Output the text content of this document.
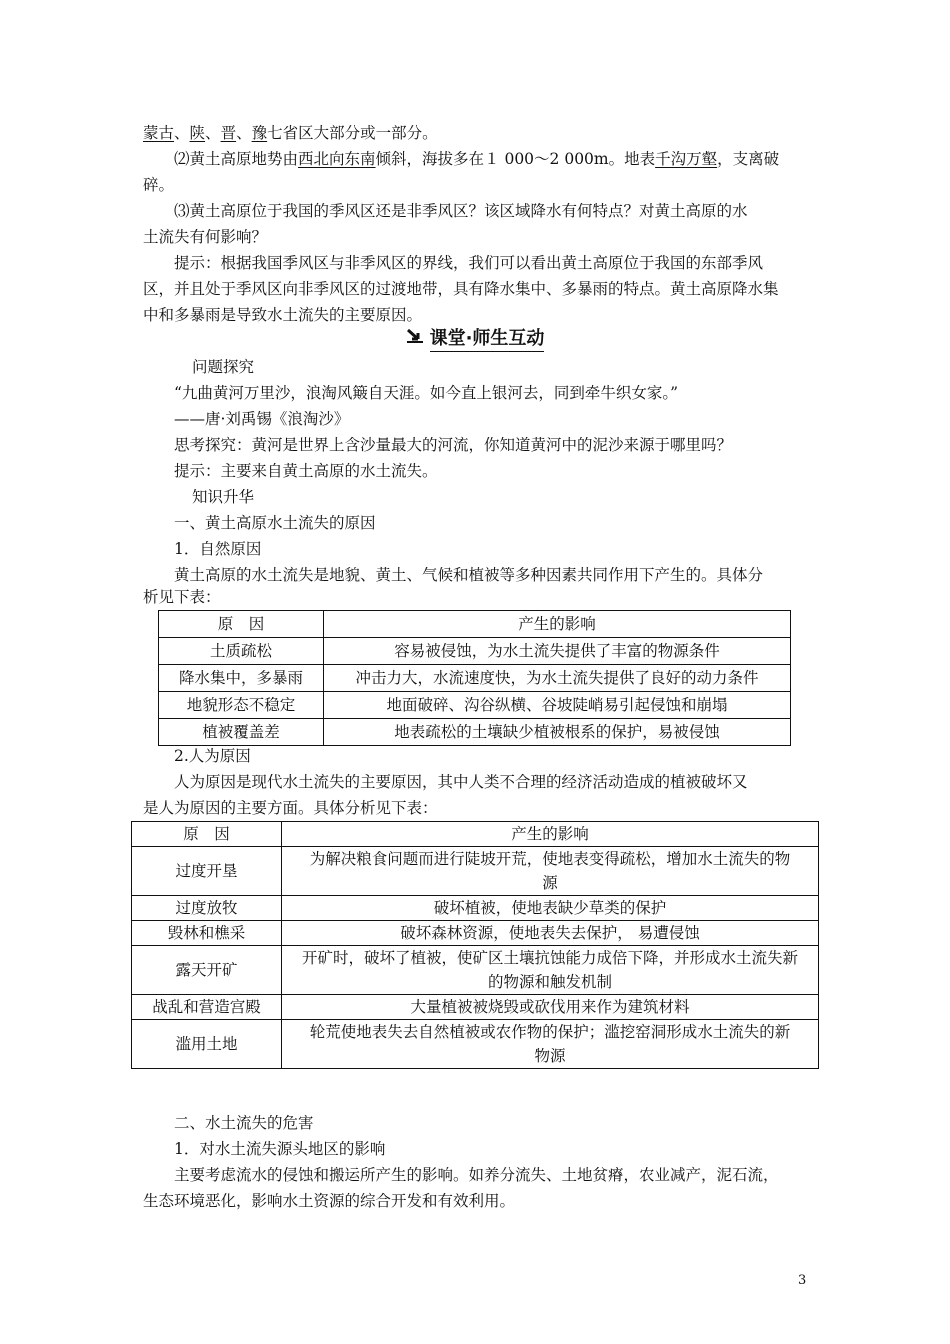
蒙古、陕、晋、豫七省区大部分或一部分。
⑵黄土高原地势由西北向东南倾斜，海拔多在１ 000～2 000m。地表千沟万壑，支离破
碎。
⑶黄土高原位于我国的季风区还是非季风区？该区域降水有何特点？对黄土高原的水
土流失有何影响？
提示：根据我国季风区与非季风区的界线，我们可以看出黄土高原位于我国的东部季风
区，并且处于季风区向非季风区的过渡地带，具有降水集中、多暴雨的特点。黄土高原降水集
中和多暴雨是导致水土流失的主要原因。
课堂·师生互动
问题探究
“九曲黄河万里沙，浪淘风簸自天涯。如今直上银河去，同到牵牛织女家。”
——唐·刘禹锡《浪淘沙》
思考探究：黄河是世界上含沙量最大的河流，你知道黄河中的泥沙来源于哪里吗？
提示：主要来自黄土高原的水土流失。
知识升华
一、黄土高原水土流失的原因
1．自然原因
黄土高原的水土流失是地貌、黄土、气候和植被等多种因素共同作用下产生的。具体分
析见下表：
原　因	产生的影响
土质疏松	容易被侵蚀，为水土流失提供了丰富的物源条件
降水集中，多暴雨	冲击力大，水流速度快，为水土流失提供了良好的动力条件
地貌形态不稳定	地面破碎、沟谷纵横、谷坡陡峭易引起侵蚀和崩塌
植被覆盖差	地表疏松的土壤缺少植被根系的保护，易被侵蚀
2.人为原因
人为原因是现代水土流失的主要原因，其中人类不合理的经济活动造成的植被破坏又
是人为原因的主要方面。具体分析见下表：
原　因	产生的影响
过度开垦	为解决粮食问题而进行陡坡开荒，使地表变得疏松，增加水土流失的物
源

过度放牧	破坏植被，使地表缺少草类的保护
毁林和樵采	破坏森林资源，使地表失去保护， 易遭侵蚀
露天开矿	开矿时，破坏了植被，使矿区土壤抗蚀能力成倍下降，并形成水土流失新
的物源和触发机制

战乱和营造宫殿	大量植被被烧毁或砍伐用来作为建筑材料
滥用土地	轮荒使地表失去自然植被或农作物的保护；滥挖窑洞形成水土流失的新
物源
二、水土流失的危害
1．对水土流失源头地区的影响
主要考虑流水的侵蚀和搬运所产生的影响。如养分流失、土地贫瘠，农业减产，泥石流，
生态环境恶化，影响水土资源的综合开发和有效利用。
3
